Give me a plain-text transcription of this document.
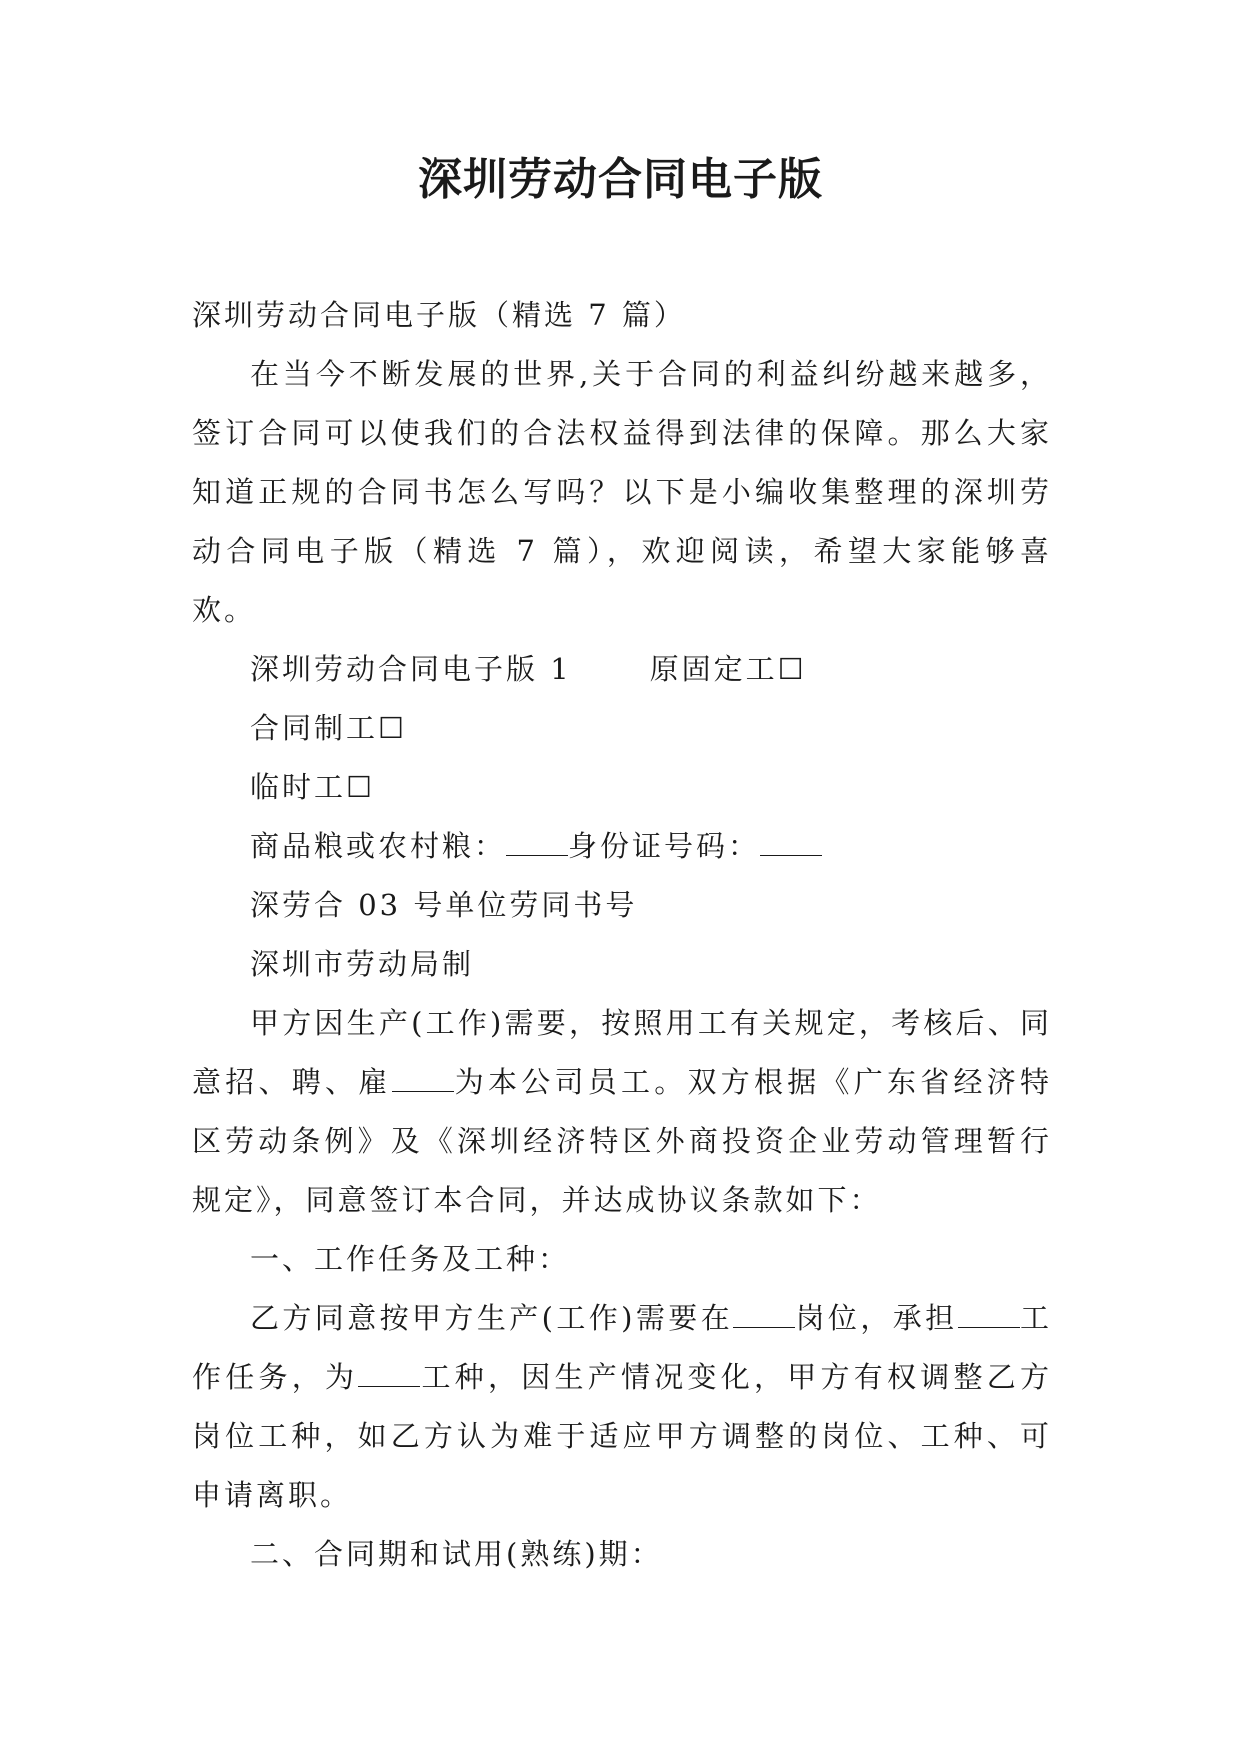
深圳劳动合同电子版

深圳劳动合同电子版（精选 7 篇）

在当今不断发展的世界,关于合同的利益纠纷越来越多，签订合同可以使我们的合法权益得到法律的保障。那么大家知道正规的合同书怎么写吗？以下是小编收集整理的深圳劳动合同电子版（精选 7 篇），欢迎阅读，希望大家能够喜欢。

深圳劳动合同电子版 1	原固定工☐

合同制工☐

临时工☐

商品粮或农村粮： 身份证号码：

深劳合 03 号单位劳同书号

深圳市劳动局制

甲方因生产(工作)需要，按照用工有关规定，考核后、同意招、聘、雇 为本公司员工。双方根据《广东省经济特区劳动条例》及《深圳经济特区外商投资企业劳动管理暂行规定》，同意签订本合同，并达成协议条款如下：

一、工作任务及工种：

乙方同意按甲方生产(工作)需要在 岗位，承担 工作任务，为 工种，因生产情况变化，甲方有权调整乙方岗位工种，如乙方认为难于适应甲方调整的岗位、工种、可申请离职。

二、合同期和试用(熟练)期：
